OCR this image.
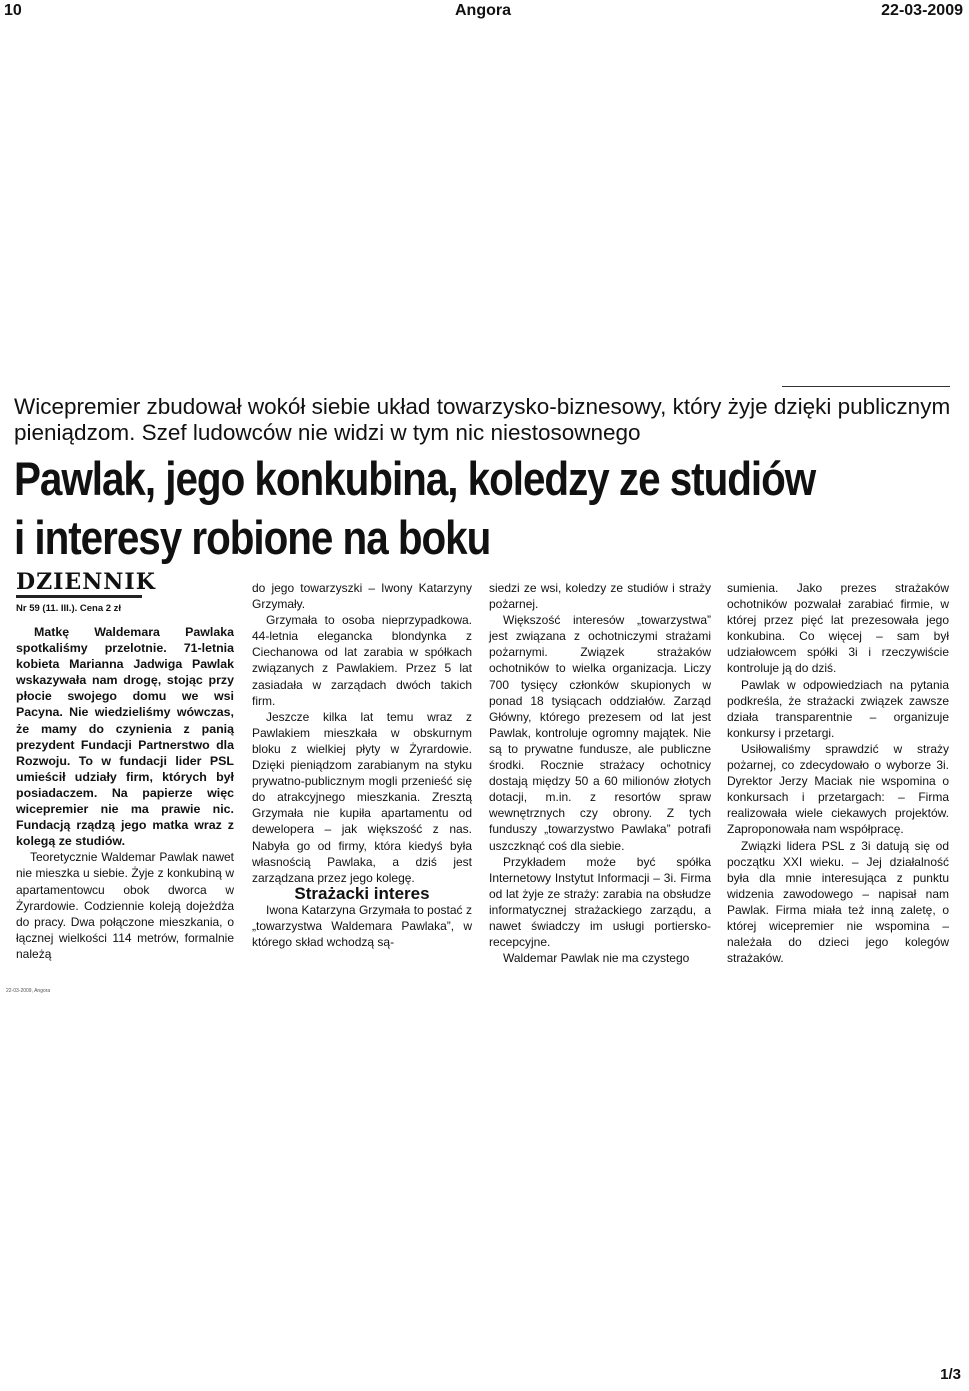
10	Angora	22-03-2009
Wicepremier zbudował wokół siebie układ towarzysko-biznesowy, który żyje dzięki publicznym pieniądzom. Szef ludowców nie widzi w tym nic niestosownego
Pawlak, jego konkubina, koledzy ze studiów
i interesy robione na boku
DZIENNIK
Nr 59 (11. III.). Cena 2 zł

Matkę Waldemara Pawlaka spotkaliśmy przelotnie. 71-letnia kobieta Marianna Jadwiga Pawlak wskazywała nam drogę, stojąc przy płocie swojego domu we wsi Pacyna. Nie wiedzieliśmy wówczas, że mamy do czynienia z panią prezydent Fundacji Partnerstwo dla Rozwoju. To w fundacji lider PSL umieścił udziały firm, których był posiadaczem. Na papierze więc wicepremier nie ma prawie nic. Fundacją rządzą jego matka wraz z kolegą ze studiów.

Teoretycznie Waldemar Pawlak nawet nie mieszka u siebie. Żyje z konkubiną w apartamentowcu obok dworca w Żyrardowie. Codziennie koleją dojeżdża do pracy. Dwa połączone mieszkania, o łącznej wielkości 114 metrów, formalnie należą

do jego towarzyszki – Iwony Katarzyny Grzymały.

Grzymała to osoba nieprzypadkowa. 44-letnia elegancka blondynka z Ciechanowa od lat zarabia w spółkach związanych z Pawlakiem. Przez 5 lat zasiadała w zarządach dwóch takich firm.

Jeszcze kilka lat temu wraz z Pawlakiem mieszkała w obskurnym bloku z wielkiej płyty w Żyrardowie. Dzięki pieniądzom zarabianym na styku prywatno-publicznym mogli przenieść się do atrakcyjnego mieszkania. Zresztą Grzymała nie kupiła apartamentu od dewelopera – jak większość z nas. Nabyła go od firmy, która kiedyś była własnością Pawlaka, a dziś jest zarządzana przez jego kolegę.

Strażacki interes

Iwona Katarzyna Grzymała to postać z „towarzystwa Waldemara Pawlaka”, w którego skład wchodzą są-

siedzi ze wsi, koledzy ze studiów i straży pożarnej.

Większość interesów „towarzystwa” jest związana z ochotniczymi strażami pożarnymi. Związek strażaków ochotników to wielka organizacja. Liczy 700 tysięcy członków skupionych w ponad 18 tysiącach oddziałów. Zarząd Główny, którego prezesem od lat jest Pawlak, kontroluje ogromny majątek. Nie są to prywatne fundusze, ale publiczne środki. Rocznie strażacy ochotnicy dostają między 50 a 60 milionów złotych dotacji, m.in. z resortów spraw wewnętrznych czy obrony. Z tych funduszy „towarzystwo Pawlaka” potrafi uszczknąć coś dla siebie.

Przykładem może być spółka Internetowy Instytut Informacji – 3i. Firma od lat żyje ze straży: zarabia na obsłudze informatycznej strażackiego zarządu, a nawet świadczy im usługi portiersko-recepcyjne.

Waldemar Pawlak nie ma czystego

sumienia. Jako prezes strażaków ochotników pozwalał zarabiać firmie, w której przez pięć lat prezesowała jego konkubina. Co więcej – sam był udziałowcem spółki 3i i rzeczywiście kontroluje ją do dziś.

Pawlak w odpowiedziach na pytania podkreśla, że strażacki związek zawsze działa transparentnie – organizuje konkursy i przetargi.

Usiłowaliśmy sprawdzić w straży pożarnej, co zdecydowało o wyborze 3i. Dyrektor Jerzy Maciak nie wspomina o konkursach i przetargach: – Firma realizowała wiele ciekawych projektów. Zaproponowała nam współpracę.

Związki lidera PSL z 3i datują się od początku XXI wieku. – Jej działalność była dla mnie interesująca z punktu widzenia zawodowego – napisał nam Pawlak. Firma miała też inną zaletę, o której wicepremier nie wspomina – należała do dzieci jego kolegów strażaków.

22-03-2009, Angora
1/3
